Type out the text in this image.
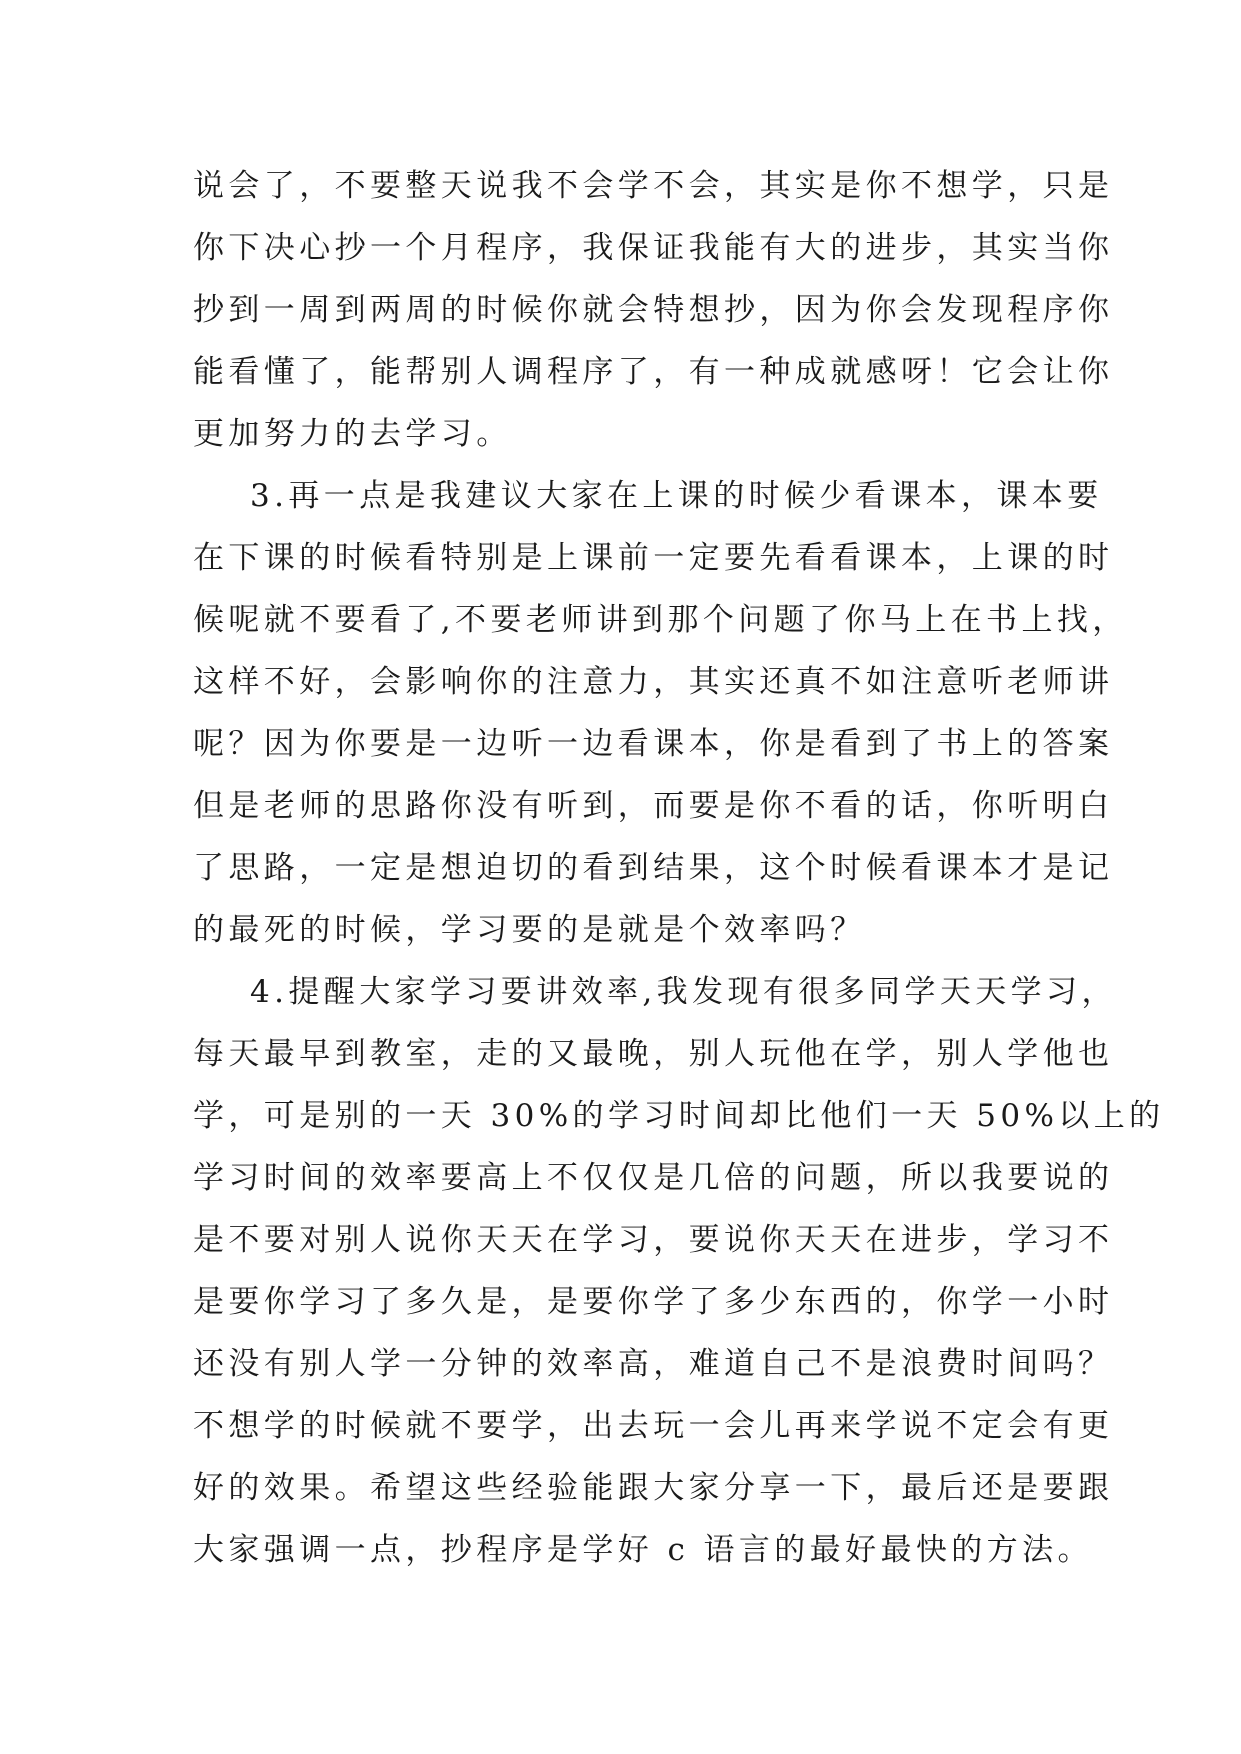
说会了，不要整天说我不会学不会，其实是你不想学，只是
你下决心抄一个月程序，我保证我能有大的进步，其实当你
抄到一周到两周的时候你就会特想抄，因为你会发现程序你
能看懂了，能帮别人调程序了，有一种成就感呀！它会让你
更加努力的去学习。
3.再一点是我建议大家在上课的时候少看课本，课本要
在下课的时候看特别是上课前一定要先看看课本，上课的时
候呢就不要看了,不要老师讲到那个问题了你马上在书上找，
这样不好，会影响你的注意力，其实还真不如注意听老师讲
呢？因为你要是一边听一边看课本，你是看到了书上的答案
但是老师的思路你没有听到，而要是你不看的话，你听明白
了思路，一定是想迫切的看到结果，这个时候看课本才是记
的最死的时候，学习要的是就是个效率吗？
4.提醒大家学习要讲效率,我发现有很多同学天天学习，
每天最早到教室，走的又最晚，别人玩他在学，别人学他也
学，可是别的一天 30%的学习时间却比他们一天 50%以上的
学习时间的效率要高上不仅仅是几倍的问题，所以我要说的
是不要对别人说你天天在学习，要说你天天在进步，学习不
是要你学习了多久是，是要你学了多少东西的，你学一小时
还没有别人学一分钟的效率高，难道自己不是浪费时间吗？
不想学的时候就不要学，出去玩一会儿再来学说不定会有更
好的效果。希望这些经验能跟大家分享一下，最后还是要跟
大家强调一点，抄程序是学好 c 语言的最好最快的方法。
